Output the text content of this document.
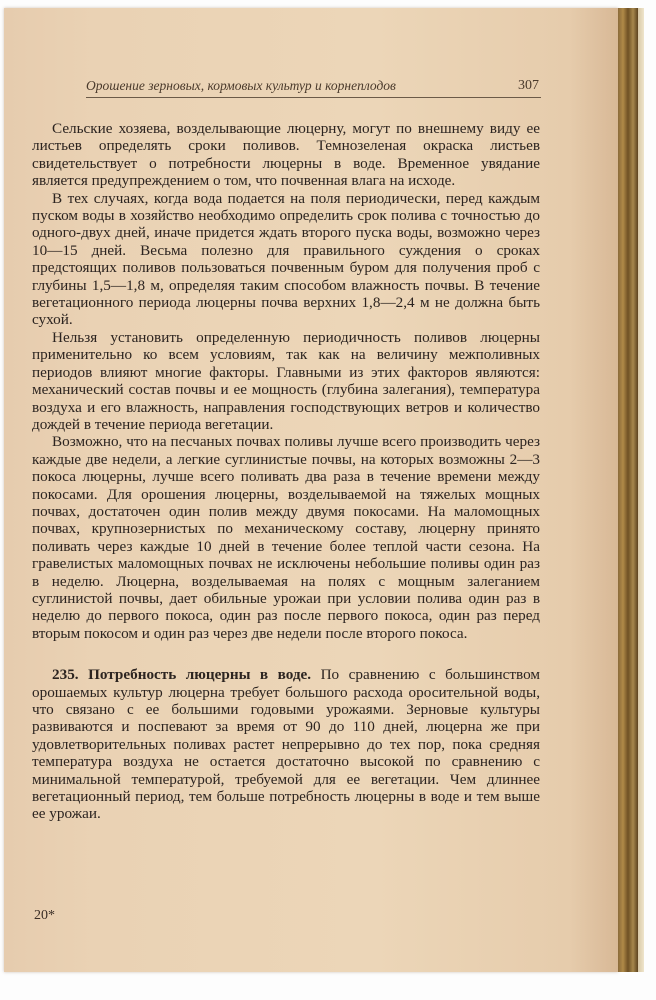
Орошение зерновых, кормовых культур и корнеплодов	307

Сельские хозяева, возделывающие люцерну, могут по внешнему виду ее листьев определять сроки поливов. Темнозеленая окраска листьев свидетельствует о потребности люцерны в воде. Временное увядание является предупреждением о том, что почвенная влага на исходе.

В тех случаях, когда вода подается на поля периодически, перед каждым пуском воды в хозяйство необходимо определить срок полива с точностью до одного-двух дней, иначе придется ждать второго пуска воды, возможно через 10—15 дней. Весьма полезно для правильного суждения о сроках предстоящих поливов пользоваться почвенным буром для получения проб с глубины 1,5—1,8 м, определяя таким способом влажность почвы. В течение вегетационного периода люцерны почва верхних 1,8—2,4 м не должна быть сухой.

Нельзя установить определенную периодичность поливов люцерны применительно ко всем условиям, так как на величину межполивных периодов влияют многие факторы. Главными из этих факторов являются: механический состав почвы и ее мощность (глубина залегания), температура воздуха и его влажность, направления господствующих ветров и количество дождей в течение периода вегетации.

Возможно, что на песчаных почвах поливы лучше всего производить через каждые две недели, а легкие суглинистые почвы, на которых возможны 2—3 покоса люцерны, лучше всего поливать два раза в течение времени между покосами. Для орошения люцерны, возделываемой на тяжелых мощных почвах, достаточен один полив между двумя покосами. На маломощных почвах, крупнозернистых по механическому составу, люцерну принято поливать через каждые 10 дней в течение более теплой части сезона. На гравелистых маломощных почвах не исключены небольшие поливы один раз в неделю. Люцерна, возделываемая на полях с мощным залеганием суглинистой почвы, дает обильные урожаи при условии полива один раз в неделю до первого покоса, один раз после первого покоса, один раз перед вторым покосом и один раз через две недели после второго покоса.

235. Потребность люцерны в воде. По сравнению с большинством орошаемых культур люцерна требует большого расхода оросительной воды, что связано с ее большими годовыми урожаями. Зерновые культуры развиваются и поспевают за время от 90 до 110 дней, люцерна же при удовлетворительных поливах растет непрерывно до тех пор, пока средняя температура воздуха не остается достаточно высокой по сравнению с минимальной температурой, требуемой для ее вегетации. Чем длиннее вегетационный период, тем больше потребность люцерны в воде и тем выше ее урожаи.

20*
